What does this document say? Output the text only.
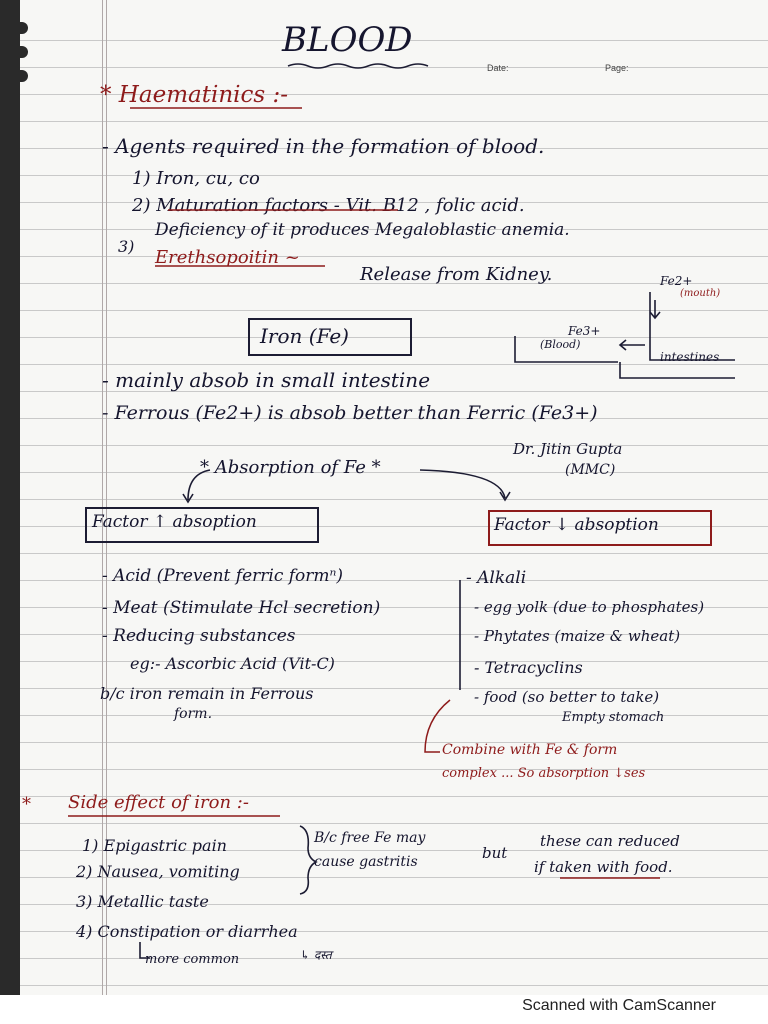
BLOOD
Date:	Page:
* Haematinics :-
- Agents required in the formation of blood.
1) Iron, cu, co
2) Maturation factors - Vit. B12 , folic acid.
Deficiency of it produces Megaloblastic anemia.
3)
Erethsopoitin ~
Release from Kidney.
Iron (Fe)
Fe2+
(mouth)
Fe3+
(Blood)
intestines
- mainly absob in small intestine
- Ferrous (Fe2+) is absob better than Ferric (Fe3+)
Dr. Jitin Gupta
(MMC)
* Absorption of Fe *
Factor ↑ absoption	Factor ↓ absoption
- Acid (Prevent ferric formⁿ)
- Meat (Stimulate Hcl secretion)
- Reducing substances
eg:- Ascorbic Acid (Vit-C)
b/c iron remain in Ferrous
form.
- Alkali
- egg yolk (due to phosphates)
- Phytates (maize & wheat)
- Tetracyclins
- food (so better to take)
Empty stomach
Combine with Fe & form
complex ... So absorption ↓ses
* Side effect of iron :-
1) Epigastric pain
2) Nausea, vomiting
3) Metallic taste
4) Constipation or diarrhea
B/c free Fe may
cause gastritis	but
these can reduced
if taken with food.
more common	↳ दस्त
Scanned with CamScanner
